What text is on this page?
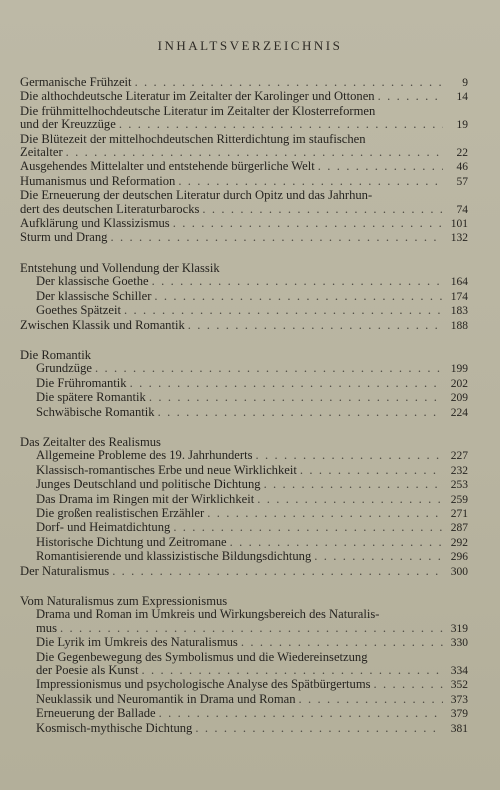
INHALTSVERZEICHNIS
Germanische Frühzeit . . .	9
Die althochdeutsche Literatur im Zeitalter der Karolinger und Ottonen . . .	14
Die frühmittelhochdeutsche Literatur im Zeitalter der Klosterreformen
und der Kreuzzüge . . .	19
Die Blütezeit der mittelhochdeutschen Ritterdichtung im staufischen
Zeitalter . . .	22
Ausgehendes Mittelalter und entstehende bürgerliche Welt . . .	46
Humanismus und Reformation . . .	57
Die Erneuerung der deutschen Literatur durch Opitz und das Jahrhun-
dert des deutschen Literaturbarocks . . .	74
Aufklärung und Klassizismus . . .	101
Sturm und Drang . . .	132
Entstehung und Vollendung der Klassik
Der klassische Goethe . . .	164
Der klassische Schiller . . .	174
Goethes Spätzeit . . .	183
Zwischen Klassik und Romantik . . .	188
Die Romantik
Grundzüge . . .	199
Die Frühromantik . . .	202
Die spätere Romantik . . .	209
Schwäbische Romantik . . .	224
Das Zeitalter des Realismus
Allgemeine Probleme des 19. Jahrhunderts . . .	227
Klassisch-romantisches Erbe und neue Wirklichkeit . . .	232
Junges Deutschland und politische Dichtung . . .	253
Das Drama im Ringen mit der Wirklichkeit . . .	259
Die großen realistischen Erzähler . . .	271
Dorf- und Heimatdichtung . . .	287
Historische Dichtung und Zeitromane . . .	292
Romantisierende und klassizistische Bildungsdichtung . . .	296
Der Naturalismus . . .	300
Vom Naturalismus zum Expressionismus
Drama und Roman im Umkreis und Wirkungsbereich des Naturalis-
mus . . .	319
Die Lyrik im Umkreis des Naturalismus . . .	330
Die Gegenbewegung des Symbolismus und die Wiedereinsetzung
der Poesie als Kunst . . .	334
Impressionismus und psychologische Analyse des Spätbürgertums . . .	352
Neuklassik und Neuromantik in Drama und Roman . . .	373
Erneuerung der Ballade . . .	379
Kosmisch-mythische Dichtung . . .	381
